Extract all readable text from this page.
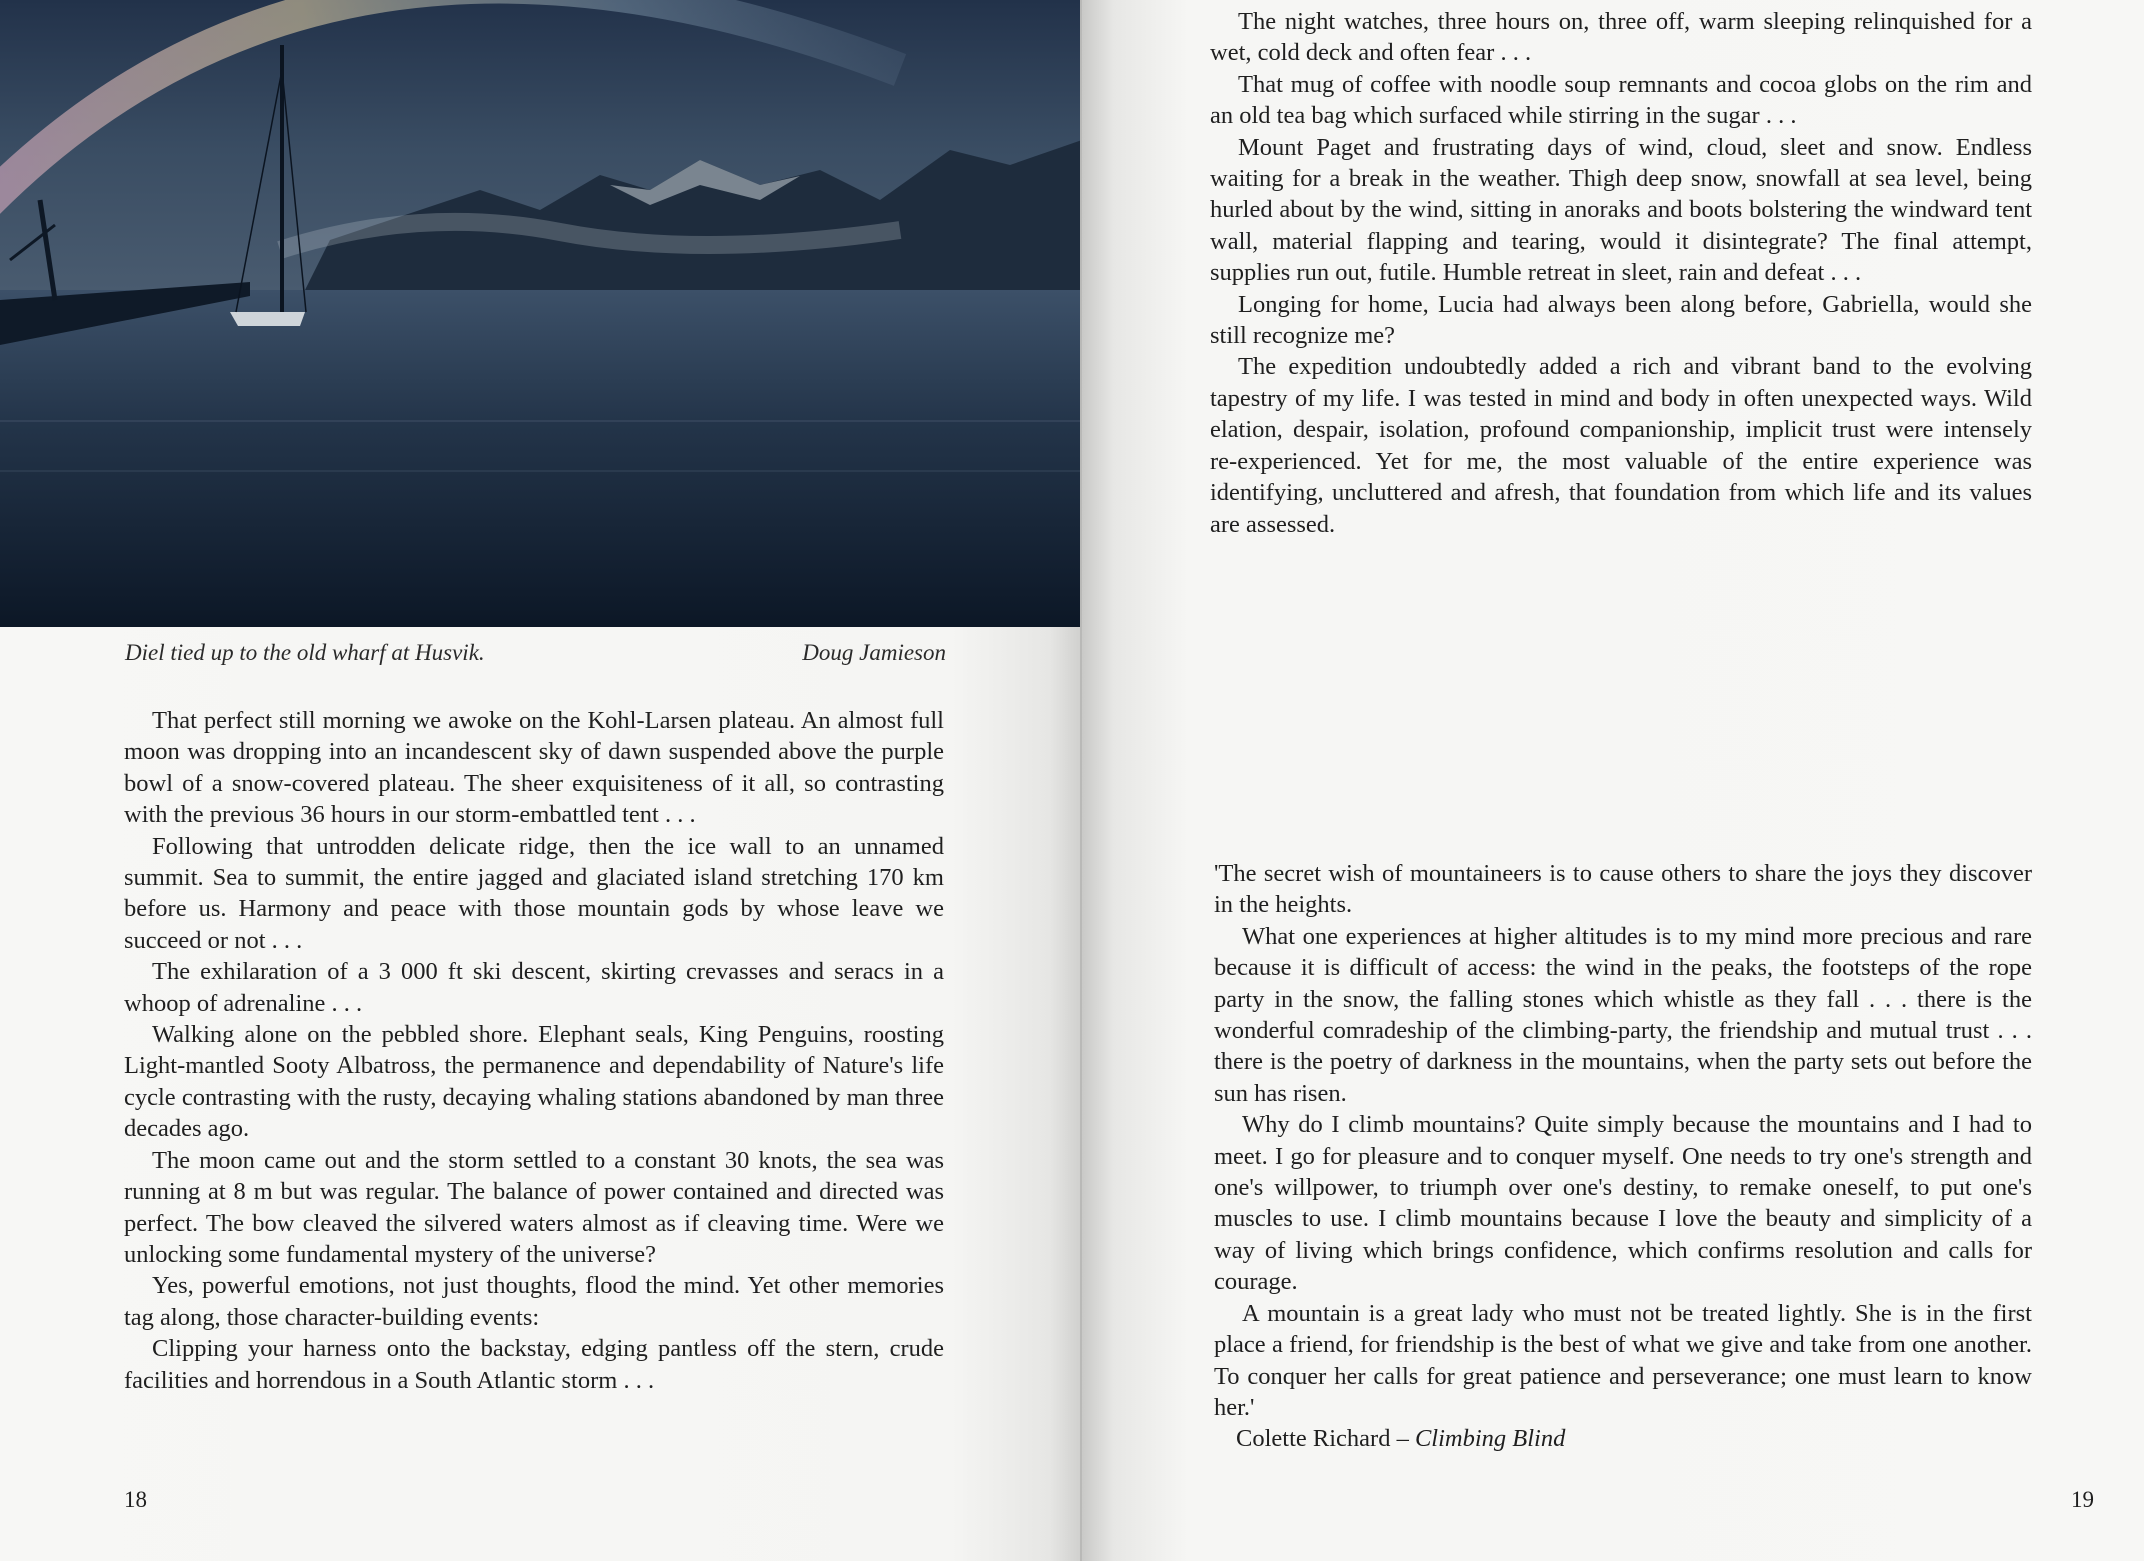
Diel tied up to the old wharf at Husvik.	Doug Jamieson

That perfect still morning we awoke on the Kohl-Larsen plateau. An almost full moon was dropping into an incandescent sky of dawn suspended above the purple bowl of a snow-covered plateau. The sheer exquisiteness of it all, so contrasting with the previous 36 hours in our storm-embattled tent . . .

Following that untrodden delicate ridge, then the ice wall to an unnamed summit. Sea to summit, the entire jagged and glaciated island stretching 170 km before us. Harmony and peace with those mountain gods by whose leave we succeed or not . . .

The exhilaration of a 3 000 ft ski descent, skirting crevasses and seracs in a whoop of adrenaline . . .

Walking alone on the pebbled shore. Elephant seals, King Penguins, roosting Light-mantled Sooty Albatross, the permanence and dependability of Nature's life cycle contrasting with the rusty, decaying whaling stations abandoned by man three decades ago.

The moon came out and the storm settled to a constant 30 knots, the sea was running at 8 m but was regular. The balance of power contained and directed was perfect. The bow cleaved the silvered waters almost as if cleaving time. Were we unlocking some fundamental mystery of the universe?

Yes, powerful emotions, not just thoughts, flood the mind. Yet other memories tag along, those character-building events:

Clipping your harness onto the backstay, edging pantless off the stern, crude facilities and horrendous in a South Atlantic storm . . .

18

The night watches, three hours on, three off, warm sleeping relinquished for a wet, cold deck and often fear . . .

That mug of coffee with noodle soup remnants and cocoa globs on the rim and an old tea bag which surfaced while stirring in the sugar . . .

Mount Paget and frustrating days of wind, cloud, sleet and snow. Endless waiting for a break in the weather. Thigh deep snow, snowfall at sea level, being hurled about by the wind, sitting in anoraks and boots bolstering the windward tent wall, material flapping and tearing, would it disintegrate? The final attempt, supplies run out, futile. Humble retreat in sleet, rain and defeat . . .

Longing for home, Lucia had always been along before, Gabriella, would she still recognize me?

The expedition undoubtedly added a rich and vibrant band to the evolving tapestry of my life. I was tested in mind and body in often unexpected ways. Wild elation, despair, isolation, profound companionship, implicit trust were intensely re-experienced. Yet for me, the most valuable of the entire experience was identifying, uncluttered and afresh, that foundation from which life and its values are assessed.

'The secret wish of mountaineers is to cause others to share the joys they discover in the heights.

What one experiences at higher altitudes is to my mind more precious and rare because it is difficult of access: the wind in the peaks, the footsteps of the rope party in the snow, the falling stones which whistle as they fall . . . there is the wonderful comradeship of the climbing-party, the friendship and mutual trust . . . there is the poetry of darkness in the mountains, when the party sets out before the sun has risen.

Why do I climb mountains? Quite simply because the mountains and I had to meet. I go for pleasure and to conquer myself. One needs to try one's strength and one's willpower, to triumph over one's destiny, to remake oneself, to put one's muscles to use. I climb mountains because I love the beauty and simplicity of a way of living which brings confidence, which confirms resolution and calls for courage.

A mountain is a great lady who must not be treated lightly. She is in the first place a friend, for friendship is the best of what we give and take from one another. To conquer her calls for great patience and perseverance; one must learn to know her.'

Colette Richard – Climbing Blind

19
